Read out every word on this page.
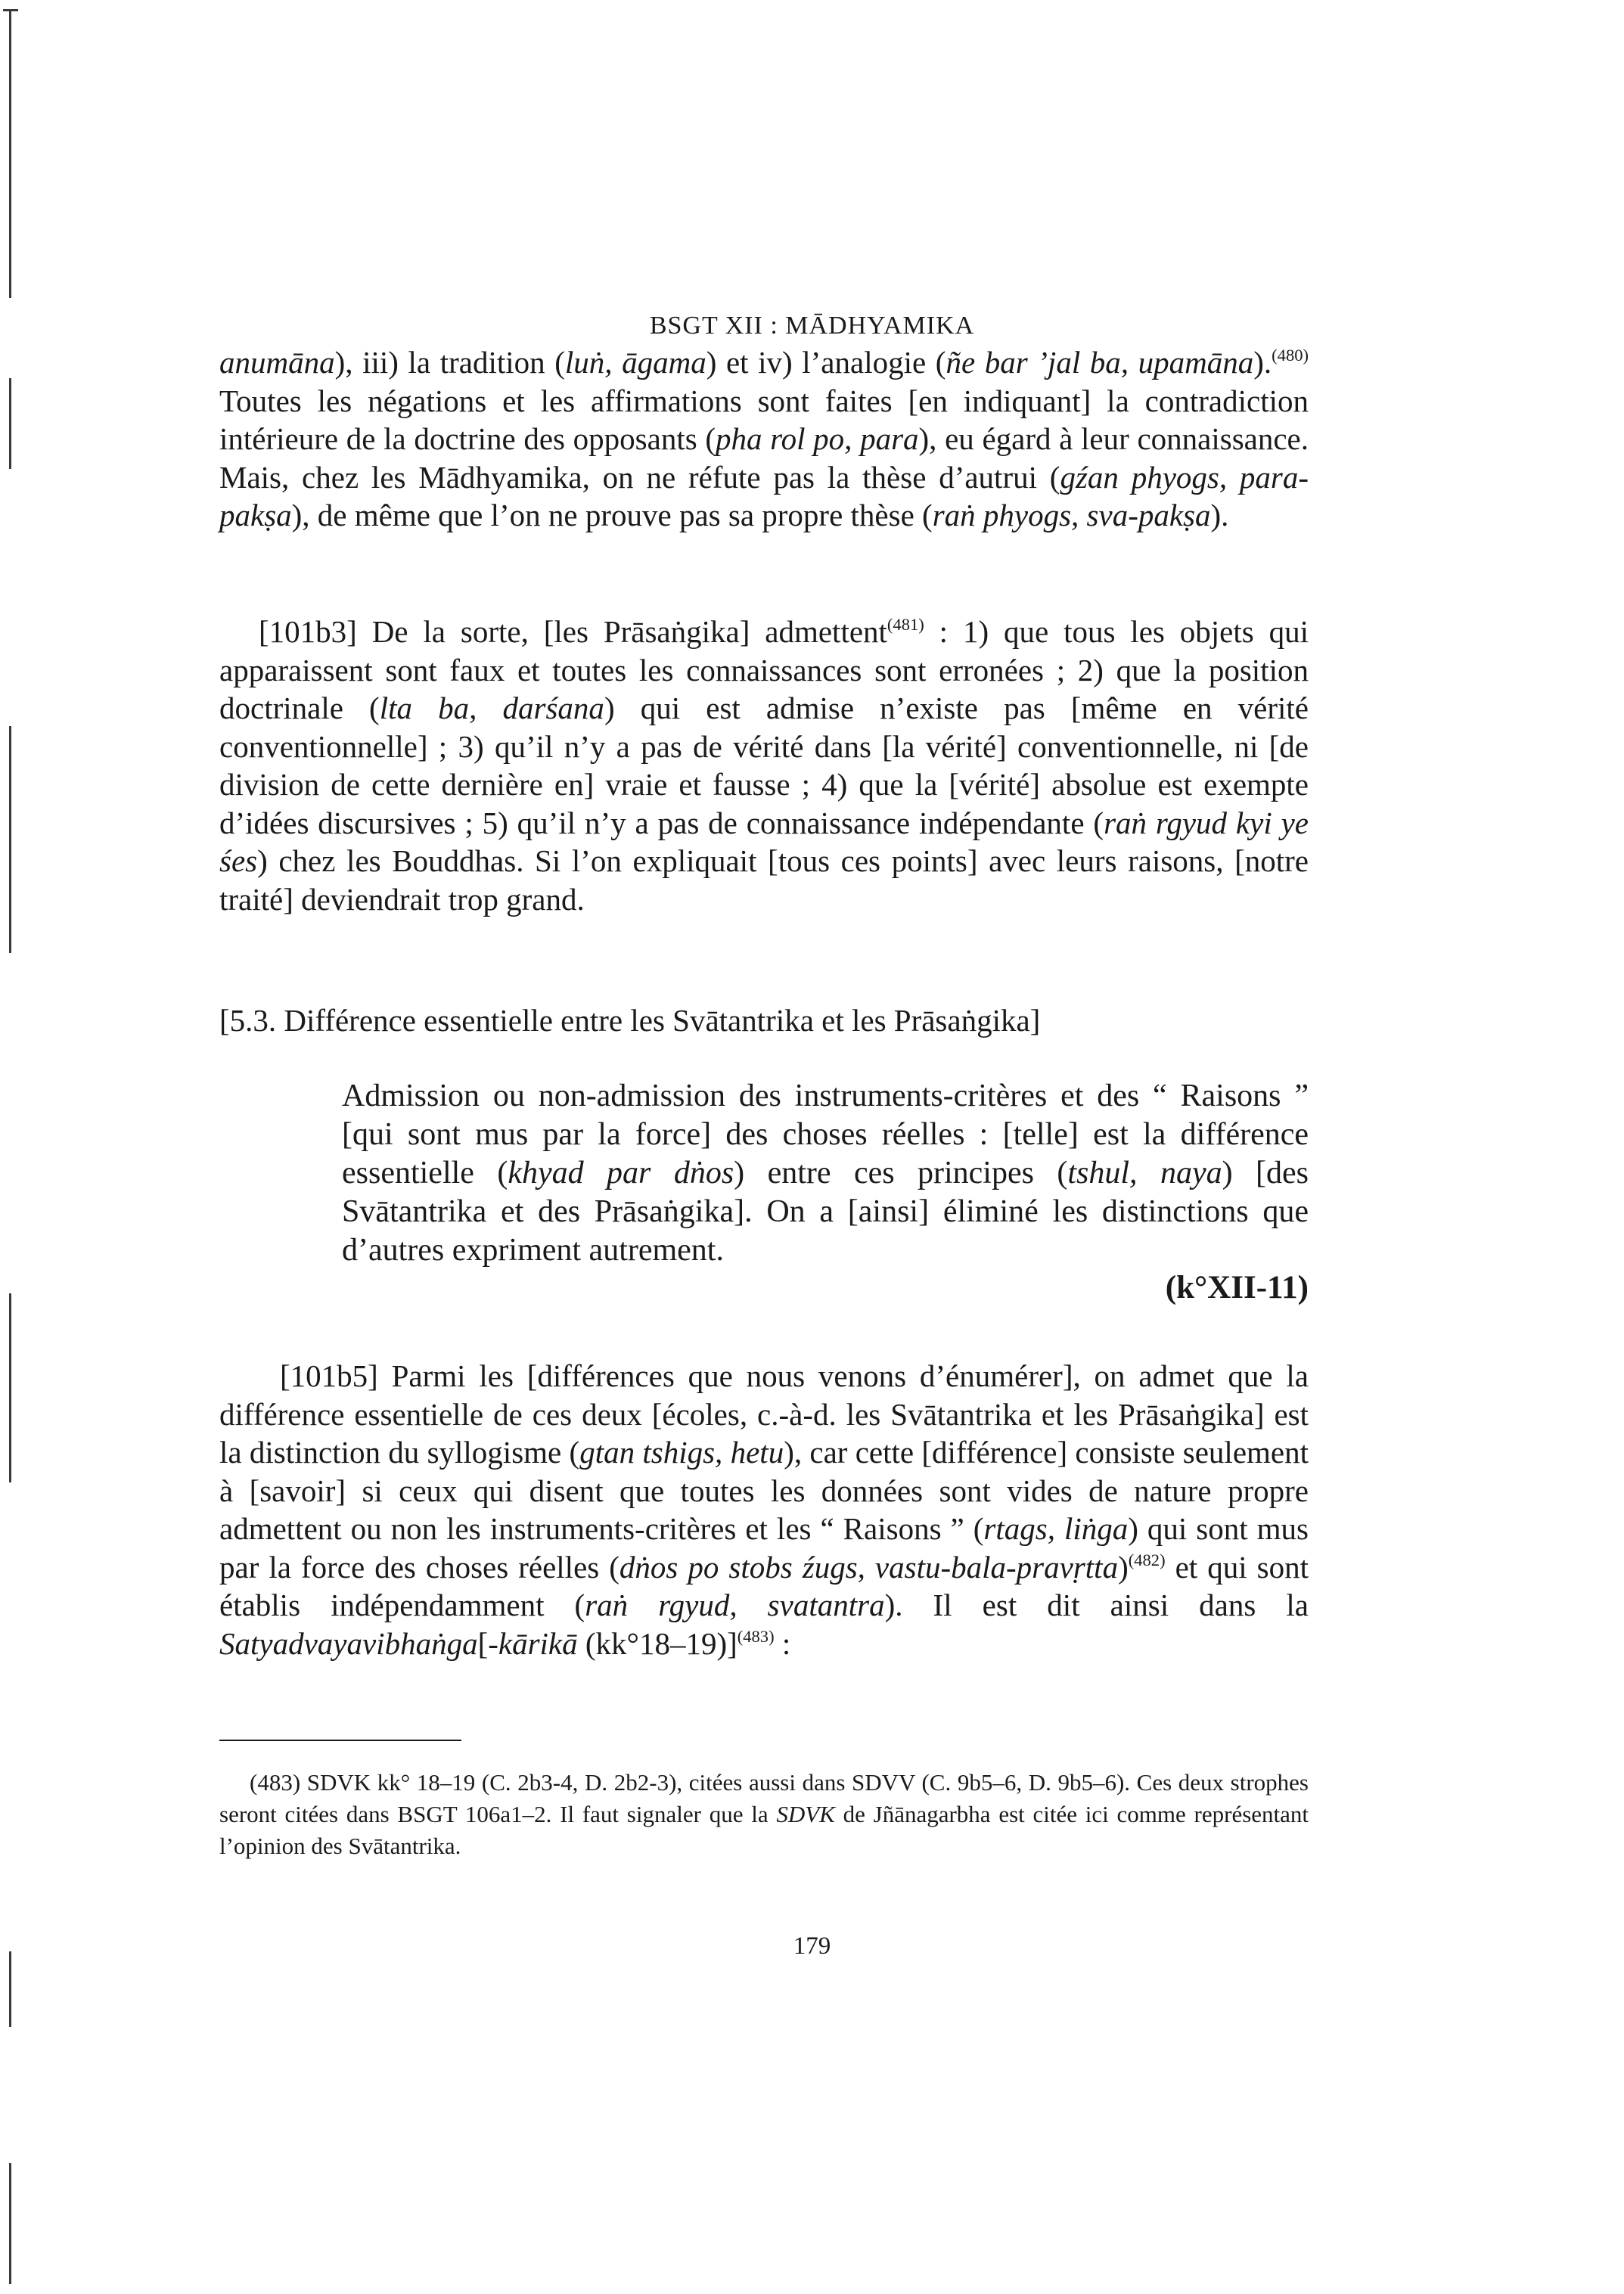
BSGT XII : MĀDHYAMIKA
anumāna), iii) la tradition (luṅ, āgama) et iv) l’analogie (ñe bar ’jal ba, upamāna).$^{(480)}$ Toutes les négations et les affirmations sont faites [en indiquant] la contradiction intérieure de la doctrine des opposants (pha rol po, para), eu égard à leur connaissance. Mais, chez les Mādhyamika, on ne réfute pas la thèse d’autrui (gźan phyogs, para-pakṣa), de même que l’on ne prouve pas sa propre thèse (raṅ phyogs, sva-pakṣa).
[101b3] De la sorte, [les Prāsaṅgika] admettent$^{(481)}$ : 1) que tous les objets qui apparaissent sont faux et toutes les connaissances sont erronées ; 2) que la position doctrinale (lta ba, darśana) qui est admise n’existe pas [même en vérité conventionnelle] ; 3) qu’il n’y a pas de vérité dans [la vérité] conventionnelle, ni [de division de cette dernière en] vraie et fausse ; 4) que la [vérité] absolue est exempte d’idées discursives ; 5) qu’il n’y a pas de connaissance indépendante (raṅ rgyud kyi ye śes) chez les Bouddhas. Si l’on expliquait [tous ces points] avec leurs raisons, [notre traité] deviendrait trop grand.
[5.3. Différence essentielle entre les Svātantrika et les Prāsaṅgika]
Admission ou non-admission des instruments-critères et des “ Raisons ” [qui sont mus par la force] des choses réelles : [telle] est la différence essentielle (khyad par dṅos) entre ces principes (tshul, naya) [des Svātantrika et des Prāsaṅgika]. On a [ainsi] éliminé les distinctions que d’autres expriment autrement.
(k°XII-11)
[101b5] Parmi les [différences que nous venons d’énumérer], on admet que la différence essentielle de ces deux [écoles, c.-à-d. les Svātantrika et les Prāsaṅgika] est la distinction du syllogisme (gtan tshigs, hetu), car cette [différence] consiste seulement à [savoir] si ceux qui disent que toutes les données sont vides de nature propre admettent ou non les instruments-critères et les “ Raisons ” (rtags, liṅga) qui sont mus par la force des choses réelles (dṅos po stobs źugs, vastu-bala-pravṛtta)$^{(482)}$ et qui sont établis indépendamment (raṅ rgyud, svatantra). Il est dit ainsi dans la Satyadvayavibhaṅga[-kārikā (kk°18–19)]$^{(483)}$ :
(483) SDVK kk° 18–19 (C. 2b3-4, D. 2b2-3), citées aussi dans SDVV (C. 9b5–6, D. 9b5–6). Ces deux strophes seront citées dans BSGT 106a1–2. Il faut signaler que la SDVK de Jñānagarbha est citée ici comme représentant l’opinion des Svātantrika.
179
